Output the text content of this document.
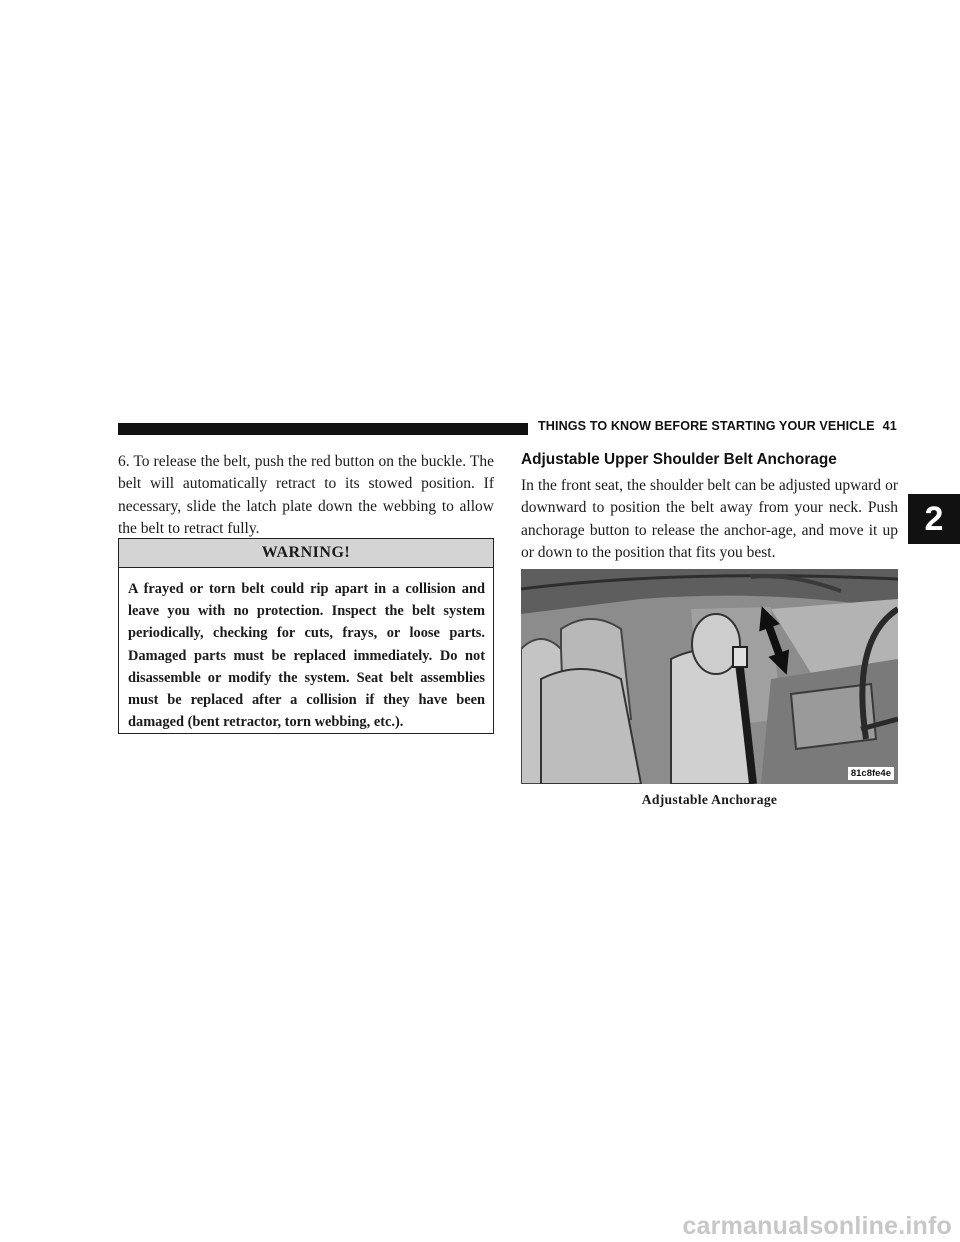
THINGS TO KNOW BEFORE STARTING YOUR VEHICLE 41

6. To release the belt, push the red button on the buckle. The belt will automatically retract to its stowed position. If necessary, slide the latch plate down the webbing to allow the belt to retract fully.

WARNING!
A frayed or torn belt could rip apart in a collision and leave you with no protection. Inspect the belt system periodically, checking for cuts, frays, or loose parts. Damaged parts must be replaced immediately. Do not disassemble or modify the system. Seat belt assemblies must be replaced after a collision if they have been damaged (bent retractor, torn webbing, etc.).
Adjustable Upper Shoulder Belt Anchorage

In the front seat, the shoulder belt can be adjusted upward or downward to position the belt away from your neck. Push anchorage button to release the anchor-age, and move it up or down to the position that fits you best.

81c8fe4e
Adjustable Anchorage
2
carmanualsonline.info
